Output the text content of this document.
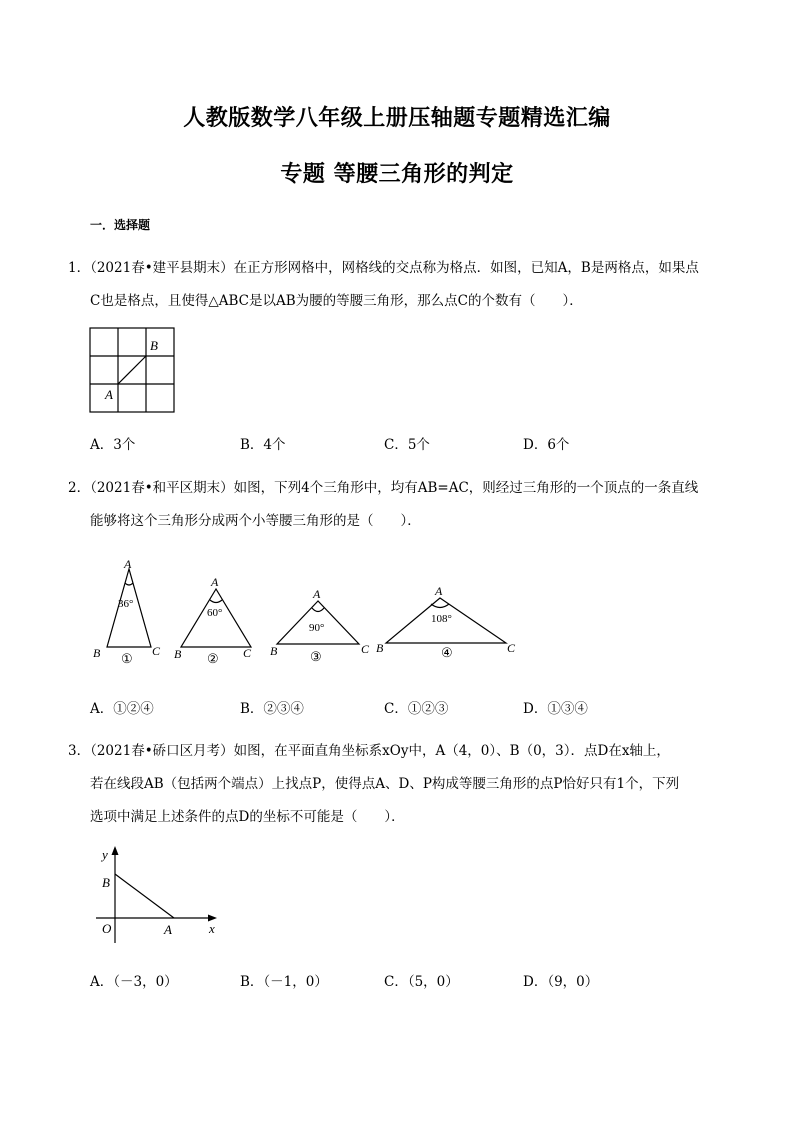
人教版数学八年级上册压轴题专题精选汇编
专题 等腰三角形的判定
一．选择题

1．（2021春•建平县期末）在正方形网格中，网格线的交点称为格点．如图，已知A，B是两格点，如果点

C也是格点，且使得△ABC是以AB为腰的等腰三角形，那么点C的个数有（　　）．

B
A
A．3个	B．4个	C．5个	D．6个

2．（2021春•和平区期末）如图，下列4个三角形中，均有AB=AC，则经过三角形的一个顶点的一条直线

能够将这个三角形分成两个小等腰三角形的是（　　）．

A
B	C
36°
①
A
B	C
60°
②
A
B	C
90°
③
A
B	C
108°
④
A．①②④	B．②③④	C．①②③	D．①③④

3．（2021春•硚口区月考）如图，在平面直角坐标系xOy中，A（4，0）、B（0，3）．点D在x轴上，

若在线段AB（包括两个端点）上找点P，使得点A、D、P构成等腰三角形的点P恰好只有1个，下列

选项中满足上述条件的点D的坐标不可能是（　　）．

y
x
B
O	A
A．（－3，0）	B．（－1，0）	C．（5，0）	D．（9，0）
